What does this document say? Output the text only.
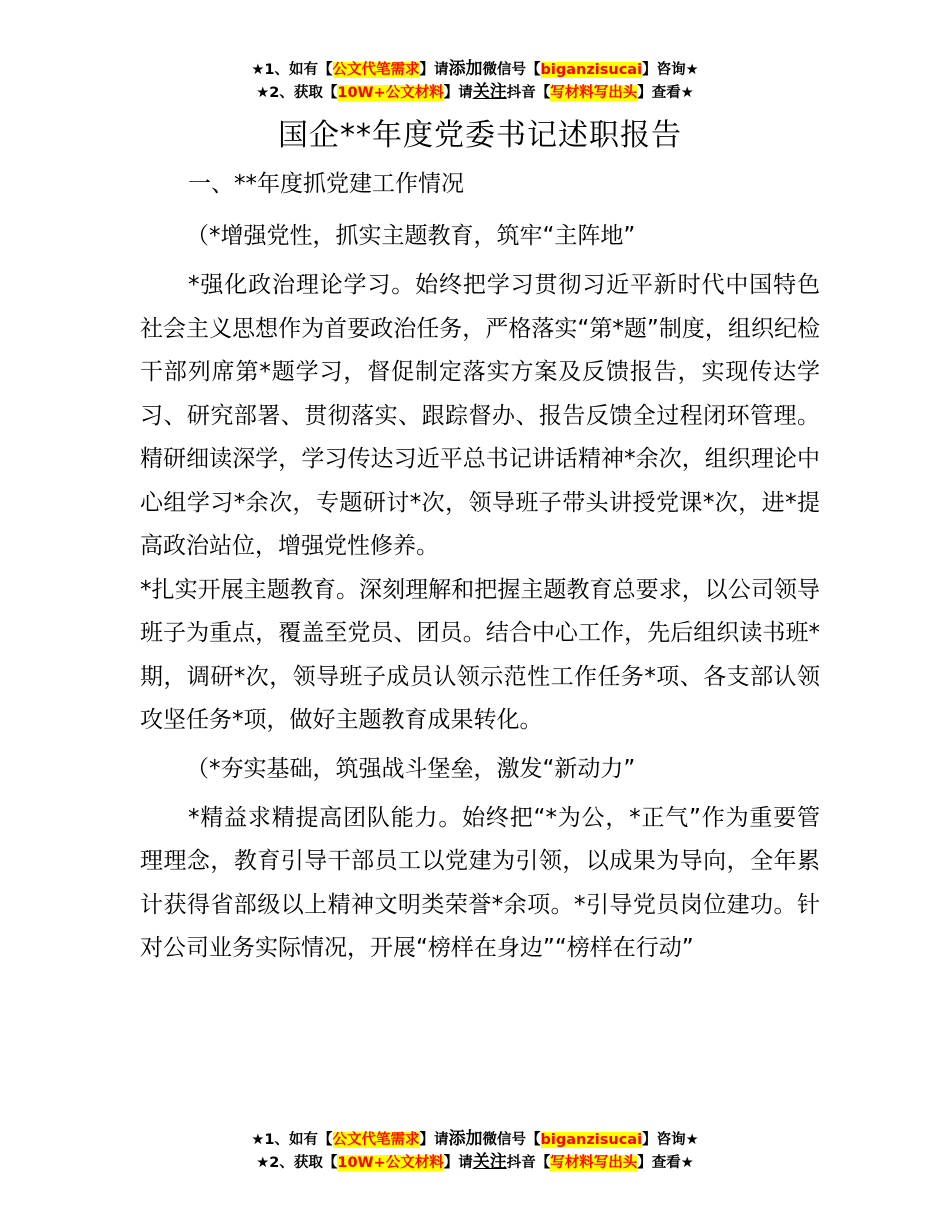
★1、如有【公文代笔需求】请添加微信号【biganzisucai】咨询★
★2、获取【10W+公文材料】请关注抖音【写材料写出头】查看★
国企**年度党委书记述职报告

一、**年度抓党建工作情况

（*增强党性，抓实主题教育，筑牢“主阵地”

*强化政治理论学习。始终把学习贯彻习近平新时代中国特色社会主义思想作为首要政治任务，严格落实“第*题”制度，组织纪检干部列席第*题学习，督促制定落实方案及反馈报告，实现传达学习、研究部署、贯彻落实、跟踪督办、报告反馈全过程闭环管理。精研细读深学，学习传达习近平总书记讲话精神*余次，组织理论中心组学习*余次，专题研讨*次，领导班子带头讲授党课*次，进*提高政治站位，增强党性修养。

*扎实开展主题教育。深刻理解和把握主题教育总要求，以公司领导班子为重点，覆盖至党员、团员。结合中心工作，先后组织读书班*期，调研*次，领导班子成员认领示范性工作任务*项、各支部认领攻坚任务*项，做好主题教育成果转化。

（*夯实基础，筑强战斗堡垒，激发“新动力”

*精益求精提高团队能力。始终把“*为公，*正气”作为重要管理理念，教育引导干部员工以党建为引领，以成果为导向，全年累计获得省部级以上精神文明类荣誉*余项。*引导党员岗位建功。针对公司业务实际情况，开展“榜样在身边”“榜样在行动”

★1、如有【公文代笔需求】请添加微信号【biganzisucai】咨询★
★2、获取【10W+公文材料】请关注抖音【写材料写出头】查看★
